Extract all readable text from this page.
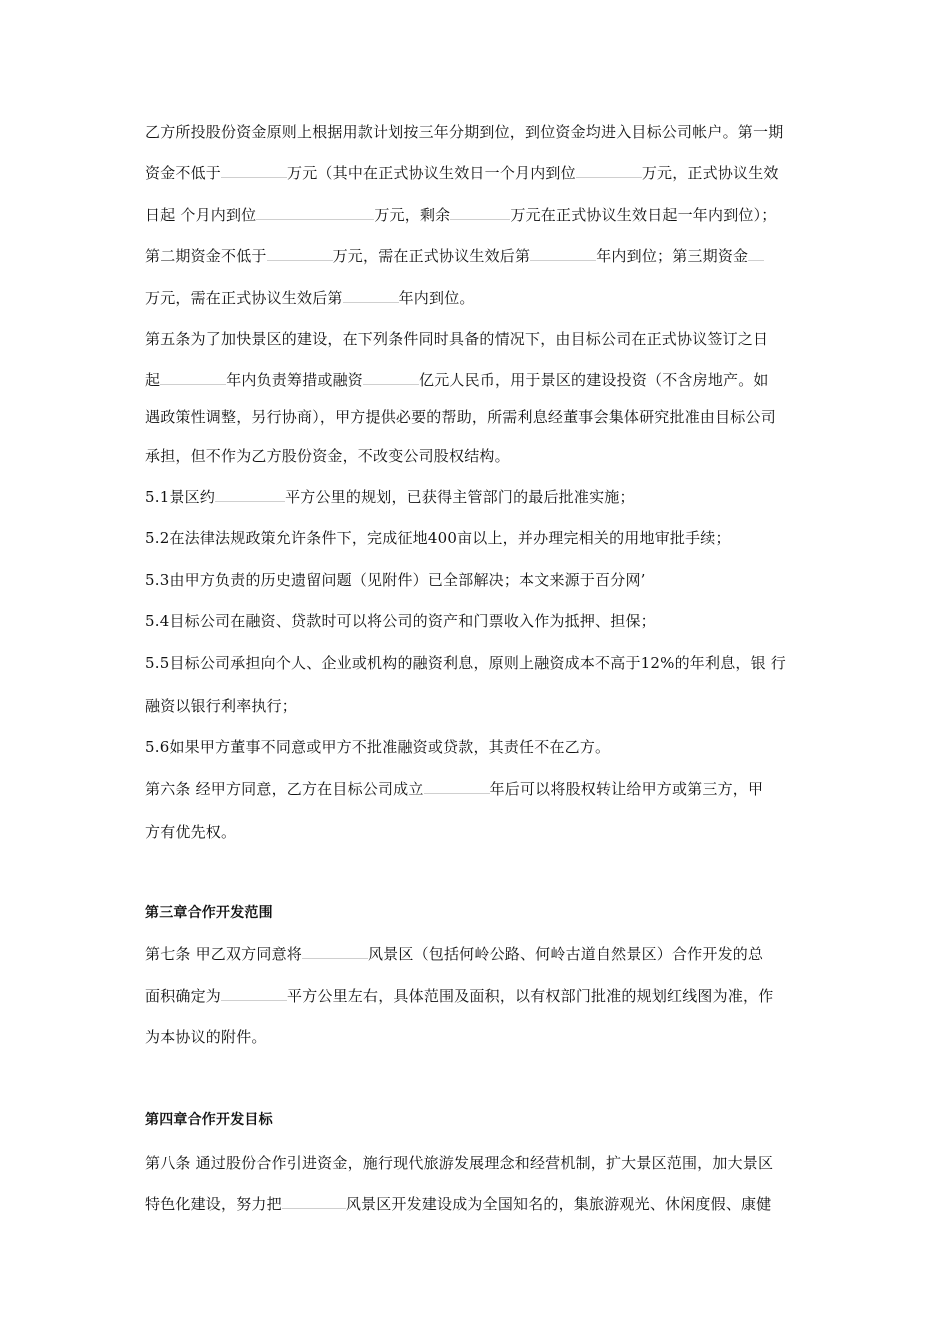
乙方所投股份资金原则上根据用款计划按三年分期到位，到位资金均进入目标公司帐户。第一期
资金不低于	万元（其中在正式协议生效日一个月内到位	万元，正式协议生效
日起 个月内到位	万元，剩余	万元在正式协议生效日起一年内到位）；
第二期资金不低于	万元，需在正式协议生效后第	年内到位；第三期资金
万元，需在正式协议生效后第	年内到位。
第五条为了加快景区的建设，在下列条件同时具备的情况下，由目标公司在正式协议签订之日
起	年内负责筹措或融资	亿元人民币，用于景区的建设投资（不含房地产。如
遇政策性调整，另行协商），甲方提供必要的帮助，所需利息经董事会集体研究批准由目标公司
承担，但不作为乙方股份资金，不改变公司股权结构。
5.1景区约	平方公里的规划，已获得主管部门的最后批准实施；
5.2在法律法规政策允许条件下，完成征地400亩以上，并办理完相关的用地审批手续；
5.3由甲方负责的历史遗留问题（见附件）已全部解决；本文来源于百分网’
5.4目标公司在融资、贷款时可以将公司的资产和门票收入作为抵押、担保；
5.5目标公司承担向个人、企业或机构的融资利息，原则上融资成本不高于12%的年利息，银 行
融资以银行利率执行；
5.6如果甲方董事不同意或甲方不批准融资或贷款，其责任不在乙方。
第六条 经甲方同意，乙方在目标公司成立	年后可以将股权转让给甲方或第三方，甲
方有优先权。
第三章合作开发范围
第七条 甲乙双方同意将	风景区（包括何岭公路、何岭古道自然景区）合作开发的总
面积确定为	平方公里左右，具体范围及面积，以有权部门批准的规划红线图为准，作
为本协议的附件。
第四章合作开发目标
第八条 通过股份合作引进资金，施行现代旅游发展理念和经营机制，扩大景区范围，加大景区
特色化建设，努力把	风景区开发建设成为全国知名的，集旅游观光、休闲度假、康健
